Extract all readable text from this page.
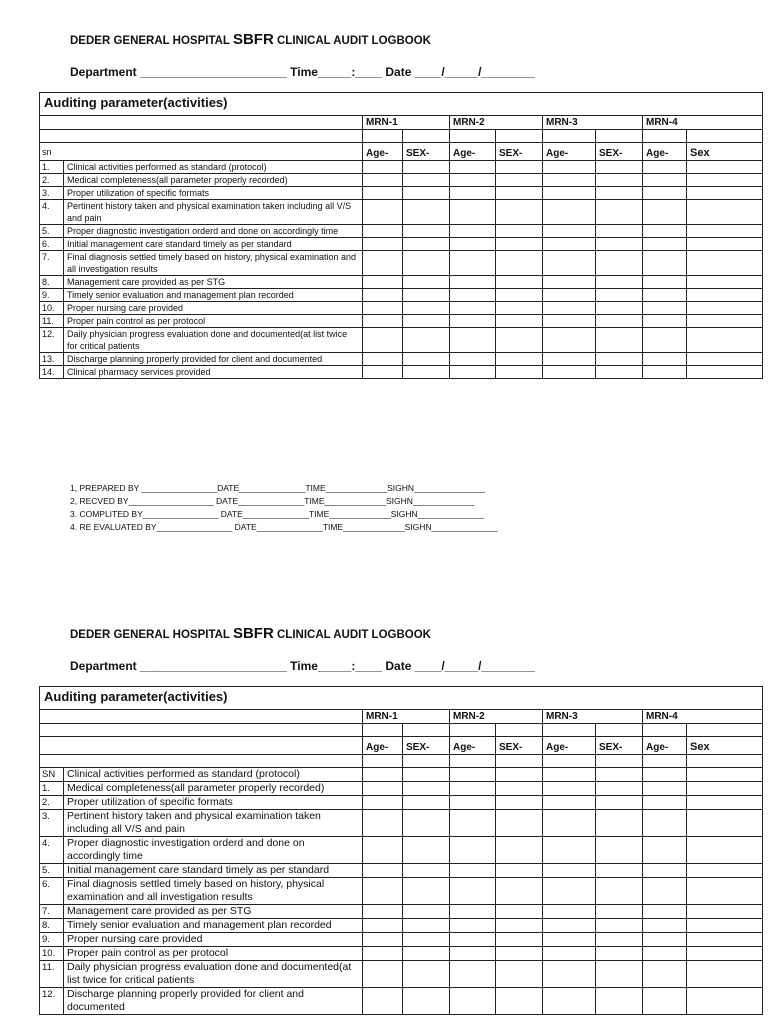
DEDER GENERAL HOSPITAL SBFR CLINICAL AUDIT LOGBOOK
Department ______________________ Time_____:____ Date ____/_____/________
Auditing parameter(activities)									
		MRN-1		MRN-2		MRN-3		MRN-4	

sn		Age-	SEX-	Age-	SEX-	Age-	SEX-	Age-	Sex
1.	Clinical activities performed as standard (protocol)								
2.	Medical completeness(all parameter properly recorded)								
3.	Proper utilization of specific formats								
4.	Pertinent history taken and physical examination taken including all V/S and pain								
5.	Proper diagnostic investigation orderd and done on accordingly time								
6.	Initial management care standard timely as per standard								
7.	Final diagnosis settled timely based on history, physical examination and all investigation results								
8.	Management care provided as per STG								
9.	Timely senior evaluation and management plan recorded								
10.	Proper nursing care provided								
11.	Proper pain control as per protocol								
12.	Daily physician progress evaluation done and documented(at list twice for critical patients								
13.	Discharge planning properly provided for client and documented								
14.	Clinical pharmacy services provided								
1, PREPARED BY ________________DATE______________TIME_____________SIGHN_______________
2, RECVED BY__________________ DATE______________TIME_____________SIGHN_____________
3. COMPLITED BY________________ DATE______________TIME_____________SIGHN______________
4. RE EVALUATED BY________________ DATE______________TIME_____________SIGHN______________
DEDER GENERAL HOSPITAL SBFR CLINICAL AUDIT LOGBOOK
Department ______________________ Time_____:____ Date ____/_____/________
Auditing parameter(activities)									
		MRN-1		MRN-2		MRN-3		MRN-4	

		Age-	SEX-	Age-	SEX-	Age-	SEX-	Age-	Sex

SN	Clinical activities performed as standard (protocol)								
1.	Medical completeness(all parameter properly recorded)								
2.	Proper utilization of specific formats								
3.	Pertinent history taken and physical examination taken including all V/S and pain								
4.	Proper diagnostic investigation orderd and done on accordingly time								
5.	Initial management care standard timely as per standard								
6.	Final diagnosis settled timely based on history, physical examination and all investigation results								
7.	Management care provided as per STG								
8.	Timely senior evaluation and management plan recorded								
9.	Proper nursing care provided								
10.	Proper pain control as per protocol								
11.	Daily physician progress evaluation done and documented(at list twice for critical patients								
12.	Discharge planning properly provided for client and documented								
